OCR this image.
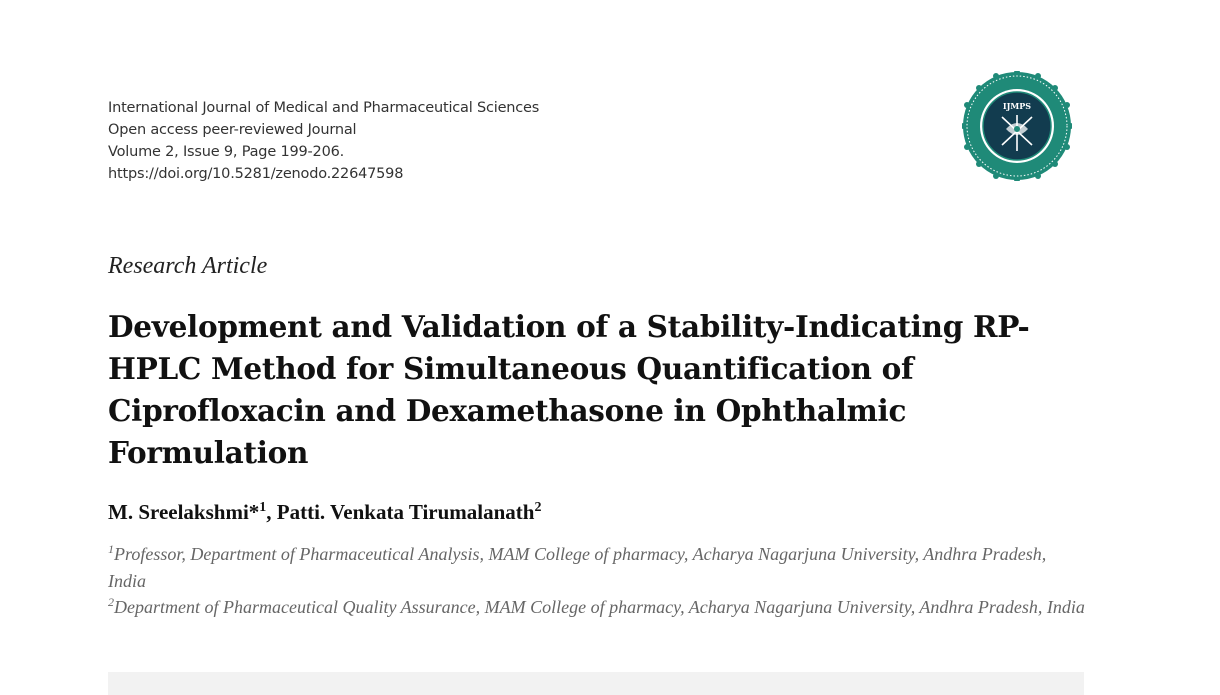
International Journal of Medical and Pharmaceutical Sciences
Open access peer-reviewed Journal
Volume 2, Issue 9, Page 199-206.
https://doi.org/10.5281/zenodo.22647598
IJMPS
Research Article
Development and Validation of a Stability-Indicating RP-HPLC Method for Simultaneous Quantification of Ciprofloxacin and Dexamethasone in Ophthalmic Formulation
M. Sreelakshmi*$^1$, Patti. Venkata Tirumalanath$^2$
$^1$Professor, Department of Pharmaceutical Analysis, MAM College of pharmacy, Acharya Nagarjuna University, Andhra Pradesh, India
$^2$Department of Pharmaceutical Quality Assurance, MAM College of pharmacy, Acharya Nagarjuna University, Andhra Pradesh, India
